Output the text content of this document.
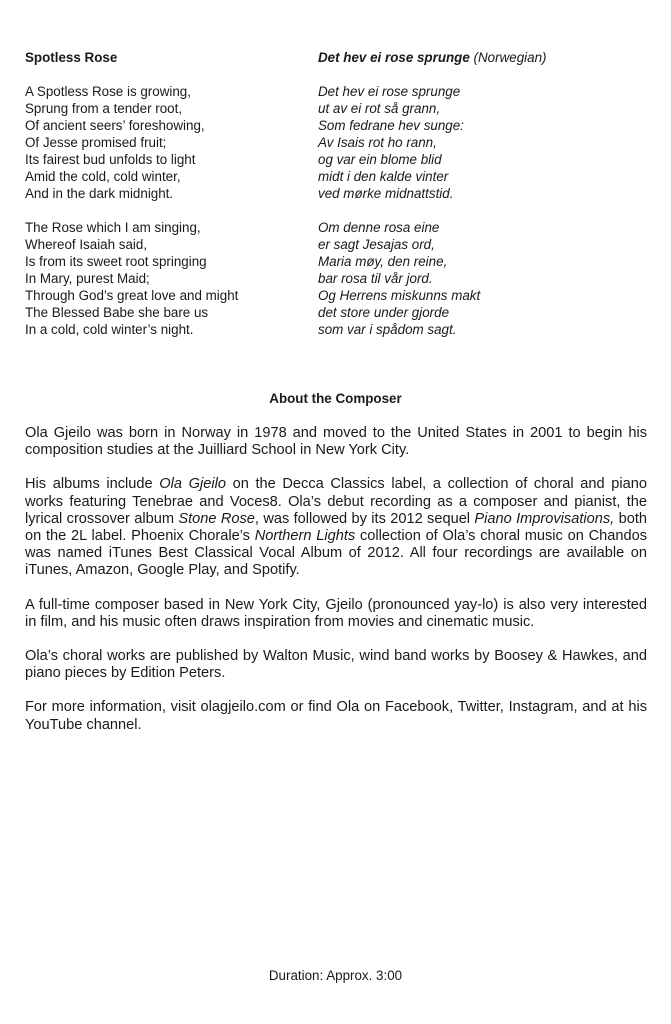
Spotless Rose
A Spotless Rose is growing,
Sprung from a tender root,
Of ancient seers’ foreshowing,
Of Jesse promised fruit;
Its fairest bud unfolds to light
Amid the cold, cold winter,
And in the dark midnight.
The Rose which I am singing,
Whereof Isaiah said,
Is from its sweet root springing
In Mary, purest Maid;
Through God’s great love and might
The Blessed Babe she bare us
In a cold, cold winter’s night.
Det hev ei rose sprunge (Norwegian)
Det hev ei rose sprunge
ut av ei rot så grann,
Som fedrane hev sunge:
Av Isais rot ho rann,
og var ein blome blid
midt i den kalde vinter
ved mørke midnattstid.
Om denne rosa eine
er sagt Jesajas ord,
Maria møy, den reine,
bar rosa til vår jord.
Og Herrens miskunns makt
det store under gjorde
som var i spådom sagt.
About the Composer

Ola Gjeilo was born in Norway in 1978 and moved to the United States in 2001 to begin his composition studies at the Juilliard School in New York City.

His albums include Ola Gjeilo on the Decca Classics label, a collection of choral and piano works featuring Tenebrae and Voces8. Ola’s debut recording as a composer and pianist, the lyrical crossover album Stone Rose, was followed by its 2012 sequel Piano Improvisations, both on the 2L label. Phoenix Chorale’s Northern Lights collection of Ola’s choral music on Chandos was named iTunes Best Classical Vocal Album of 2012. All four recordings are available on iTunes, Amazon, Google Play, and Spotify.

A full-time composer based in New York City, Gjeilo (pronounced yay-lo) is also very interested in film, and his music often draws inspiration from movies and cinematic music.

Ola’s choral works are published by Walton Music, wind band works by Boosey & Hawkes, and piano pieces by Edition Peters.

For more information, visit olagjeilo.com or find Ola on Facebook, Twitter, Instagram, and at his YouTube channel.

Duration: Approx. 3:00
